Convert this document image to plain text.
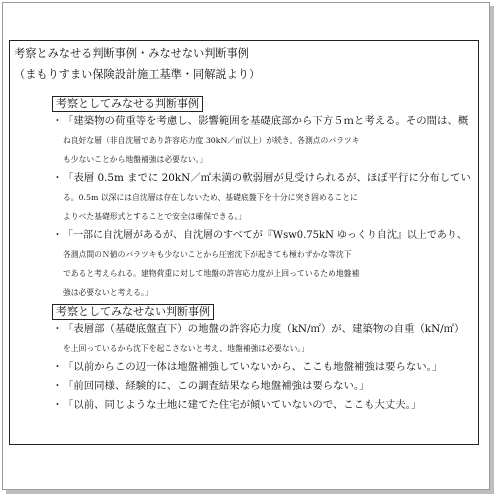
考察とみなせる判断事例・みなせない判断事例
（まもりすまい保険設計施工基準・同解説より）
考察としてみなせる判断事例
・ 「建築物の荷重等を考慮し、影響範囲を基礎底部から下方５ｍと考える。その間は、概
ね良好な層（非自沈層であり許容応力度 30kN／㎡以上）が続き、各測点のバラツキ
も少ないことから地盤補強は必要ない。」
・ 「表層 0.5m までに 20kN／㎡未満の軟弱層が見受けられるが、ほぼ平行に分布してい
る。0.5m 以深には自沈層は存在しないため、基礎底盤下を十分に突き固めることに
よりべた基礎形式とすることで安全は確保できる。」
・ 「一部に自沈層があるが、自沈層のすべてが『Wsw0.75kN ゆっくり自沈』以上であり、
各測点間のＮ値のバラツキも少ないことから圧密沈下が起きても極わずかな等沈下
であると考えられる。建物荷重に対して地盤の許容応力度が上回っているため地盤補
強は必要ないと考える。」
考察としてみなせない判断事例
・ 「表層部（基礎底盤直下）の地盤の許容応力度（kN/㎡）が、建築物の自重（kN/㎡）
を上回っているから沈下を起こさないと考え、地盤補強は必要ない。」
・ 「以前からこの辺一体は地盤補強していないから、ここも地盤補強は要らない。」
・ 「前回同様、経験的に、この調査結果なら地盤補強は要らない。」
・ 「以前、同じような土地に建てた住宅が傾いていないので、ここも大丈夫。」
